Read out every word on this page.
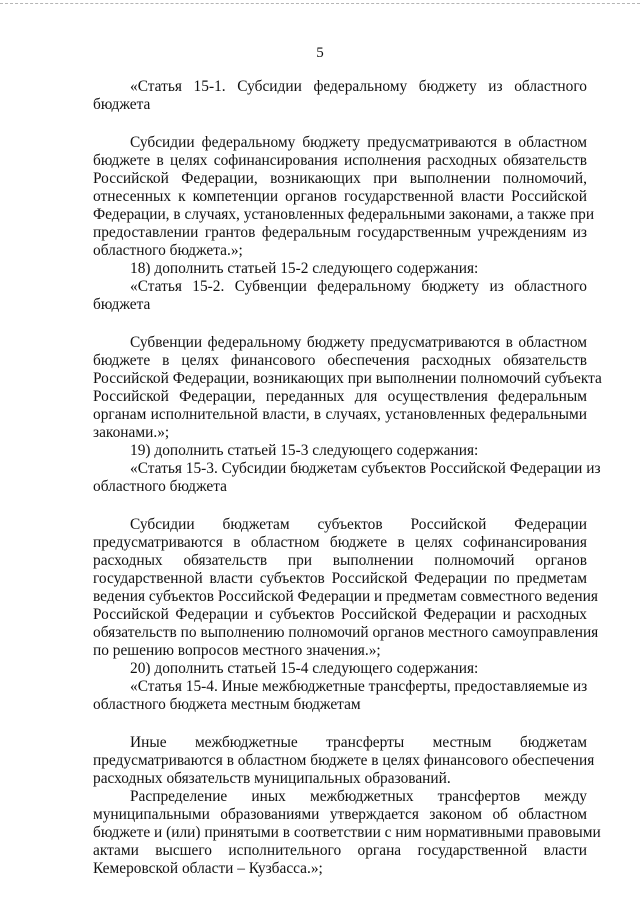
5
«Статья 15-1. Субсидии федеральному бюджету из областного
бюджета
Субсидии федеральному бюджету предусматриваются в областном
бюджете в целях софинансирования исполнения расходных обязательств
Российской Федерации, возникающих при выполнении полномочий,
отнесенных к компетенции органов государственной власти Российской
Федерации, в случаях, установленных федеральными законами, а также при
предоставлении грантов федеральным государственным учреждениям из
областного бюджета.»;
18) дополнить статьей 15-2 следующего содержания:
«Статья 15-2. Субвенции федеральному бюджету из областного
бюджета
Субвенции федеральному бюджету предусматриваются в областном
бюджете в целях финансового обеспечения расходных обязательств
Российской Федерации, возникающих при выполнении полномочий субъекта
Российской Федерации, переданных для осуществления федеральным
органам исполнительной власти, в случаях, установленных федеральными
законами.»;
19) дополнить статьей 15-3 следующего содержания:
«Статья 15-3. Субсидии бюджетам субъектов Российской Федерации из
областного бюджета
Субсидии бюджетам субъектов Российской Федерации
предусматриваются в областном бюджете в целях софинансирования
расходных обязательств при выполнении полномочий органов
государственной власти субъектов Российской Федерации по предметам
ведения субъектов Российской Федерации и предметам совместного ведения
Российской Федерации и субъектов Российской Федерации и расходных
обязательств по выполнению полномочий органов местного самоуправления
по решению вопросов местного значения.»;
20) дополнить статьей 15-4 следующего содержания:
«Статья 15-4. Иные межбюджетные трансферты, предоставляемые из
областного бюджета местным бюджетам
Иные межбюджетные трансферты местным бюджетам
предусматриваются в областном бюджете в целях финансового обеспечения
расходных обязательств муниципальных образований.
Распределение иных межбюджетных трансфертов между
муниципальными образованиями утверждается законом об областном
бюджете и (или) принятыми в соответствии с ним нормативными правовыми
актами высшего исполнительного органа государственной власти
Кемеровской области – Кузбасса.»;
